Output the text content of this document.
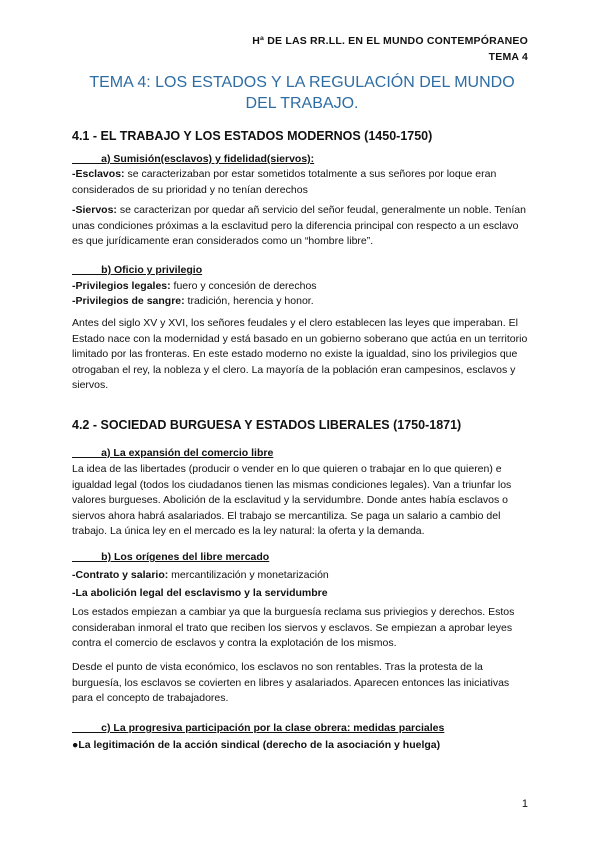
Hª DE LAS RR.LL. EN EL MUNDO CONTEMPÓRANEO
TEMA 4
TEMA 4: LOS ESTADOS Y LA REGULACIÓN DEL MUNDO
DEL TRABAJO.
4.1 - EL TRABAJO Y LOS ESTADOS MODERNOS (1450-1750)
a) Sumisión(esclavos) y fidelidad(siervos):

-Esclavos: se caracterizaban por estar sometidos totalmente a sus señores por loque eran considerados de su prioridad y no tenían derechos

-Siervos: se caracterizan por quedar añ servicio del señor feudal, generalmente un noble. Tenían unas condiciones próximas a la esclavitud pero la diferencia principal con respecto a un esclavo es que jurídicamente eran considerados como un “hombre libre”.

b) Oficio y privilegio

-Privilegios legales: fuero y concesión de derechos

-Privilegios de sangre: tradición, herencia y honor.

Antes del siglo XV y XVI, los señores feudales y el clero establecen las leyes que imperaban. El Estado nace con la modernidad y está basado en un gobierno soberano que actúa en un territorio limitado por las fronteras. En este estado moderno no existe la igualdad, sino los privilegios que otrogaban el rey, la nobleza y el clero. La mayoría de la población eran campesinos, esclavos y siervos.

4.2 - SOCIEDAD BURGUESA Y ESTADOS LIBERALES (1750-1871)
a) La expansión del comercio libre

La idea de las libertades (producir o vender en lo que quieren o trabajar en lo que quieren) e igualdad legal (todos los ciudadanos tienen las mismas condiciones legales). Van a triunfar los valores burgueses. Abolición de la esclavitud y la servidumbre. Donde antes había esclavos o siervos ahora habrá asalariados. El trabajo se mercantiliza. Se paga un salario a cambio del trabajo. La única ley en el mercado es la ley natural: la oferta y la demanda.

b) Los orígenes del libre mercado

-Contrato y salario: mercantilización y monetarización

-La abolición legal del esclavismo y la servidumbre

Los estados empiezan a cambiar ya que la burguesía reclama sus priviegios y derechos. Estos consideraban inmoral el trato que reciben los siervos y esclavos. Se empiezan a aprobar leyes contra el comercio de esclavos y contra la explotación de los mismos.

Desde el punto de vista económico, los esclavos no son rentables. Tras la protesta de la burguesía, los esclavos se covierten en libres y asalariados. Aparecen entonces las iniciativas para el concepto de trabajadores.

c) La progresiva participación por la clase obrera: medidas parciales

●La legitimación de la acción sindical (derecho de la asociación y huelga)

1
